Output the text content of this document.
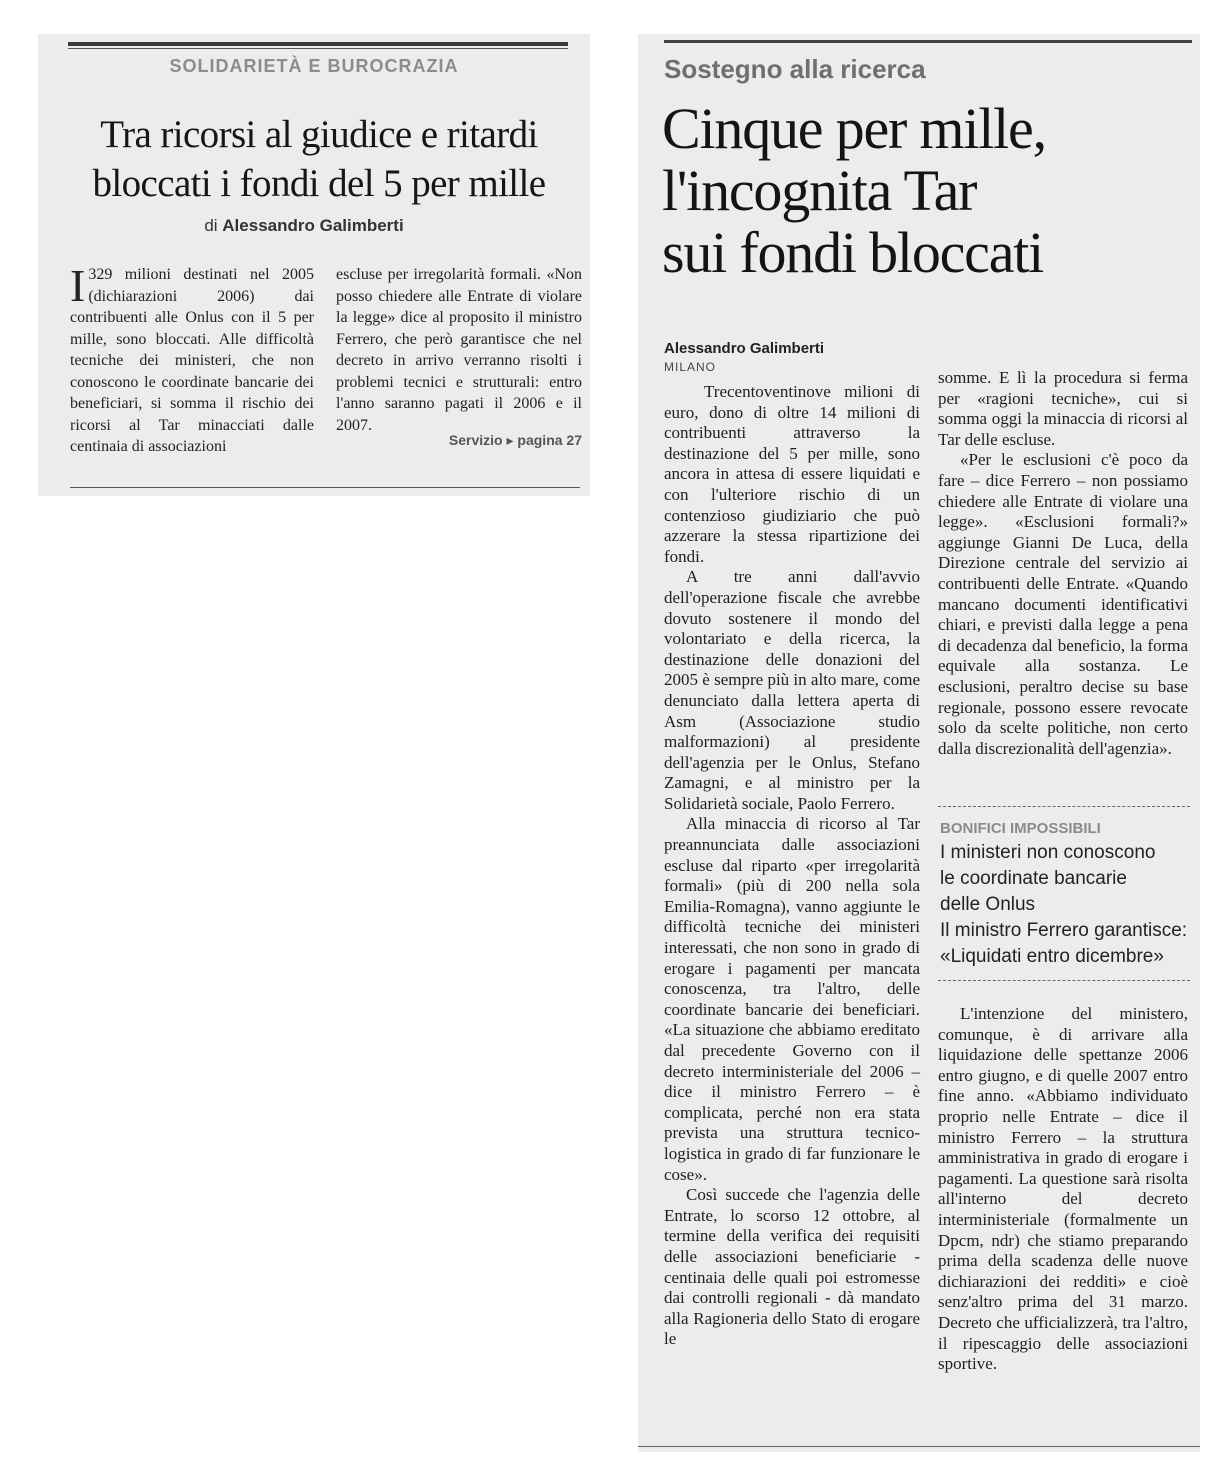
SOLIDARIETÀ E BUROCRAZIA
Tra ricorsi al giudice e ritardi
bloccati i fondi del 5 per mille
di Alessandro Galimberti
I 329 milioni destinati nel 2005 (dichiarazioni 2006) dai contribuenti alle Onlus con il 5 per mille, sono bloccati. Alle difficoltà tecniche dei ministeri, che non conoscono le coordinate bancarie dei beneficiari, si somma il rischio dei ricorsi al Tar minacciati dalle centinaia di associazioni
escluse per irregolarità formali. «Non posso chiedere alle Entrate di violare la legge» dice al proposito il ministro Ferrero, che però garantisce che nel decreto in arrivo verranno risolti i problemi tecnici e strutturali: entro l'anno saranno pagati il 2006 e il 2007.
Servizio ▸ pagina 27
Sostegno alla ricerca
Cinque per mille,
l'incognita Tar
sui fondi bloccati
Alessandro Galimberti
MILANO

Trecentoventinove milioni di euro, dono di oltre 14 milioni di contribuenti attraverso la destinazione del 5 per mille, sono ancora in attesa di essere liquidati e con l'ulteriore rischio di un contenzioso giudiziario che può azzerare la stessa ripartizione dei fondi.

A tre anni dall'avvio dell'operazione fiscale che avrebbe dovuto sostenere il mondo del volontariato e della ricerca, la destinazione delle donazioni del 2005 è sempre più in alto mare, come denunciato dalla lettera aperta di Asm (Associazione studio malformazioni) al presidente dell'agenzia per le Onlus, Stefano Zamagni, e al ministro per la Solidarietà sociale, Paolo Ferrero.

Alla minaccia di ricorso al Tar preannunciata dalle associazioni escluse dal riparto «per irregolarità formali» (più di 200 nella sola Emilia-Romagna), vanno aggiunte le difficoltà tecniche dei ministeri interessati, che non sono in grado di erogare i pagamenti per mancata conoscenza, tra l'altro, delle coordinate bancarie dei beneficiari. «La situazione che abbiamo ereditato dal precedente Governo con il decreto interministeriale del 2006 – dice il ministro Ferrero – è complicata, perché non era stata prevista una struttura tecnico-logistica in grado di far funzionare le cose».

Così succede che l'agenzia delle Entrate, lo scorso 12 ottobre, al termine della verifica dei requisiti delle associazioni beneficiarie - centinaia delle quali poi estromesse dai controlli regionali - dà mandato alla Ragioneria dello Stato di erogare le

somme. E lì la procedura si ferma per «ragioni tecniche», cui si somma oggi la minaccia di ricorsi al Tar delle escluse.

«Per le esclusioni c'è poco da fare – dice Ferrero – non possiamo chiedere alle Entrate di violare una legge». «Esclusioni formali?» aggiunge Gianni De Luca, della Direzione centrale del servizio ai contribuenti delle Entrate. «Quando mancano documenti identificativi chiari, e previsti dalla legge a pena di decadenza dal beneficio, la forma equivale alla sostanza. Le esclusioni, peraltro decise su base regionale, possono essere revocate solo da scelte politiche, non certo dalla discrezionalità dell'agenzia».

BONIFICI IMPOSSIBILI
I ministeri non conoscono
le coordinate bancarie
delle Onlus
Il ministro Ferrero garantisce:
«Liquidati entro dicembre»

L'intenzione del ministero, comunque, è di arrivare alla liquidazione delle spettanze 2006 entro giugno, e di quelle 2007 entro fine anno. «Abbiamo individuato proprio nelle Entrate – dice il ministro Ferrero – la struttura amministrativa in grado di erogare i pagamenti. La questione sarà risolta all'interno del decreto interministeriale (formalmente un Dpcm, ndr) che stiamo preparando prima della scadenza delle nuove dichiarazioni dei redditi» e cioè senz'altro prima del 31 marzo. Decreto che ufficializzerà, tra l'altro, il ripescaggio delle associazioni sportive.
